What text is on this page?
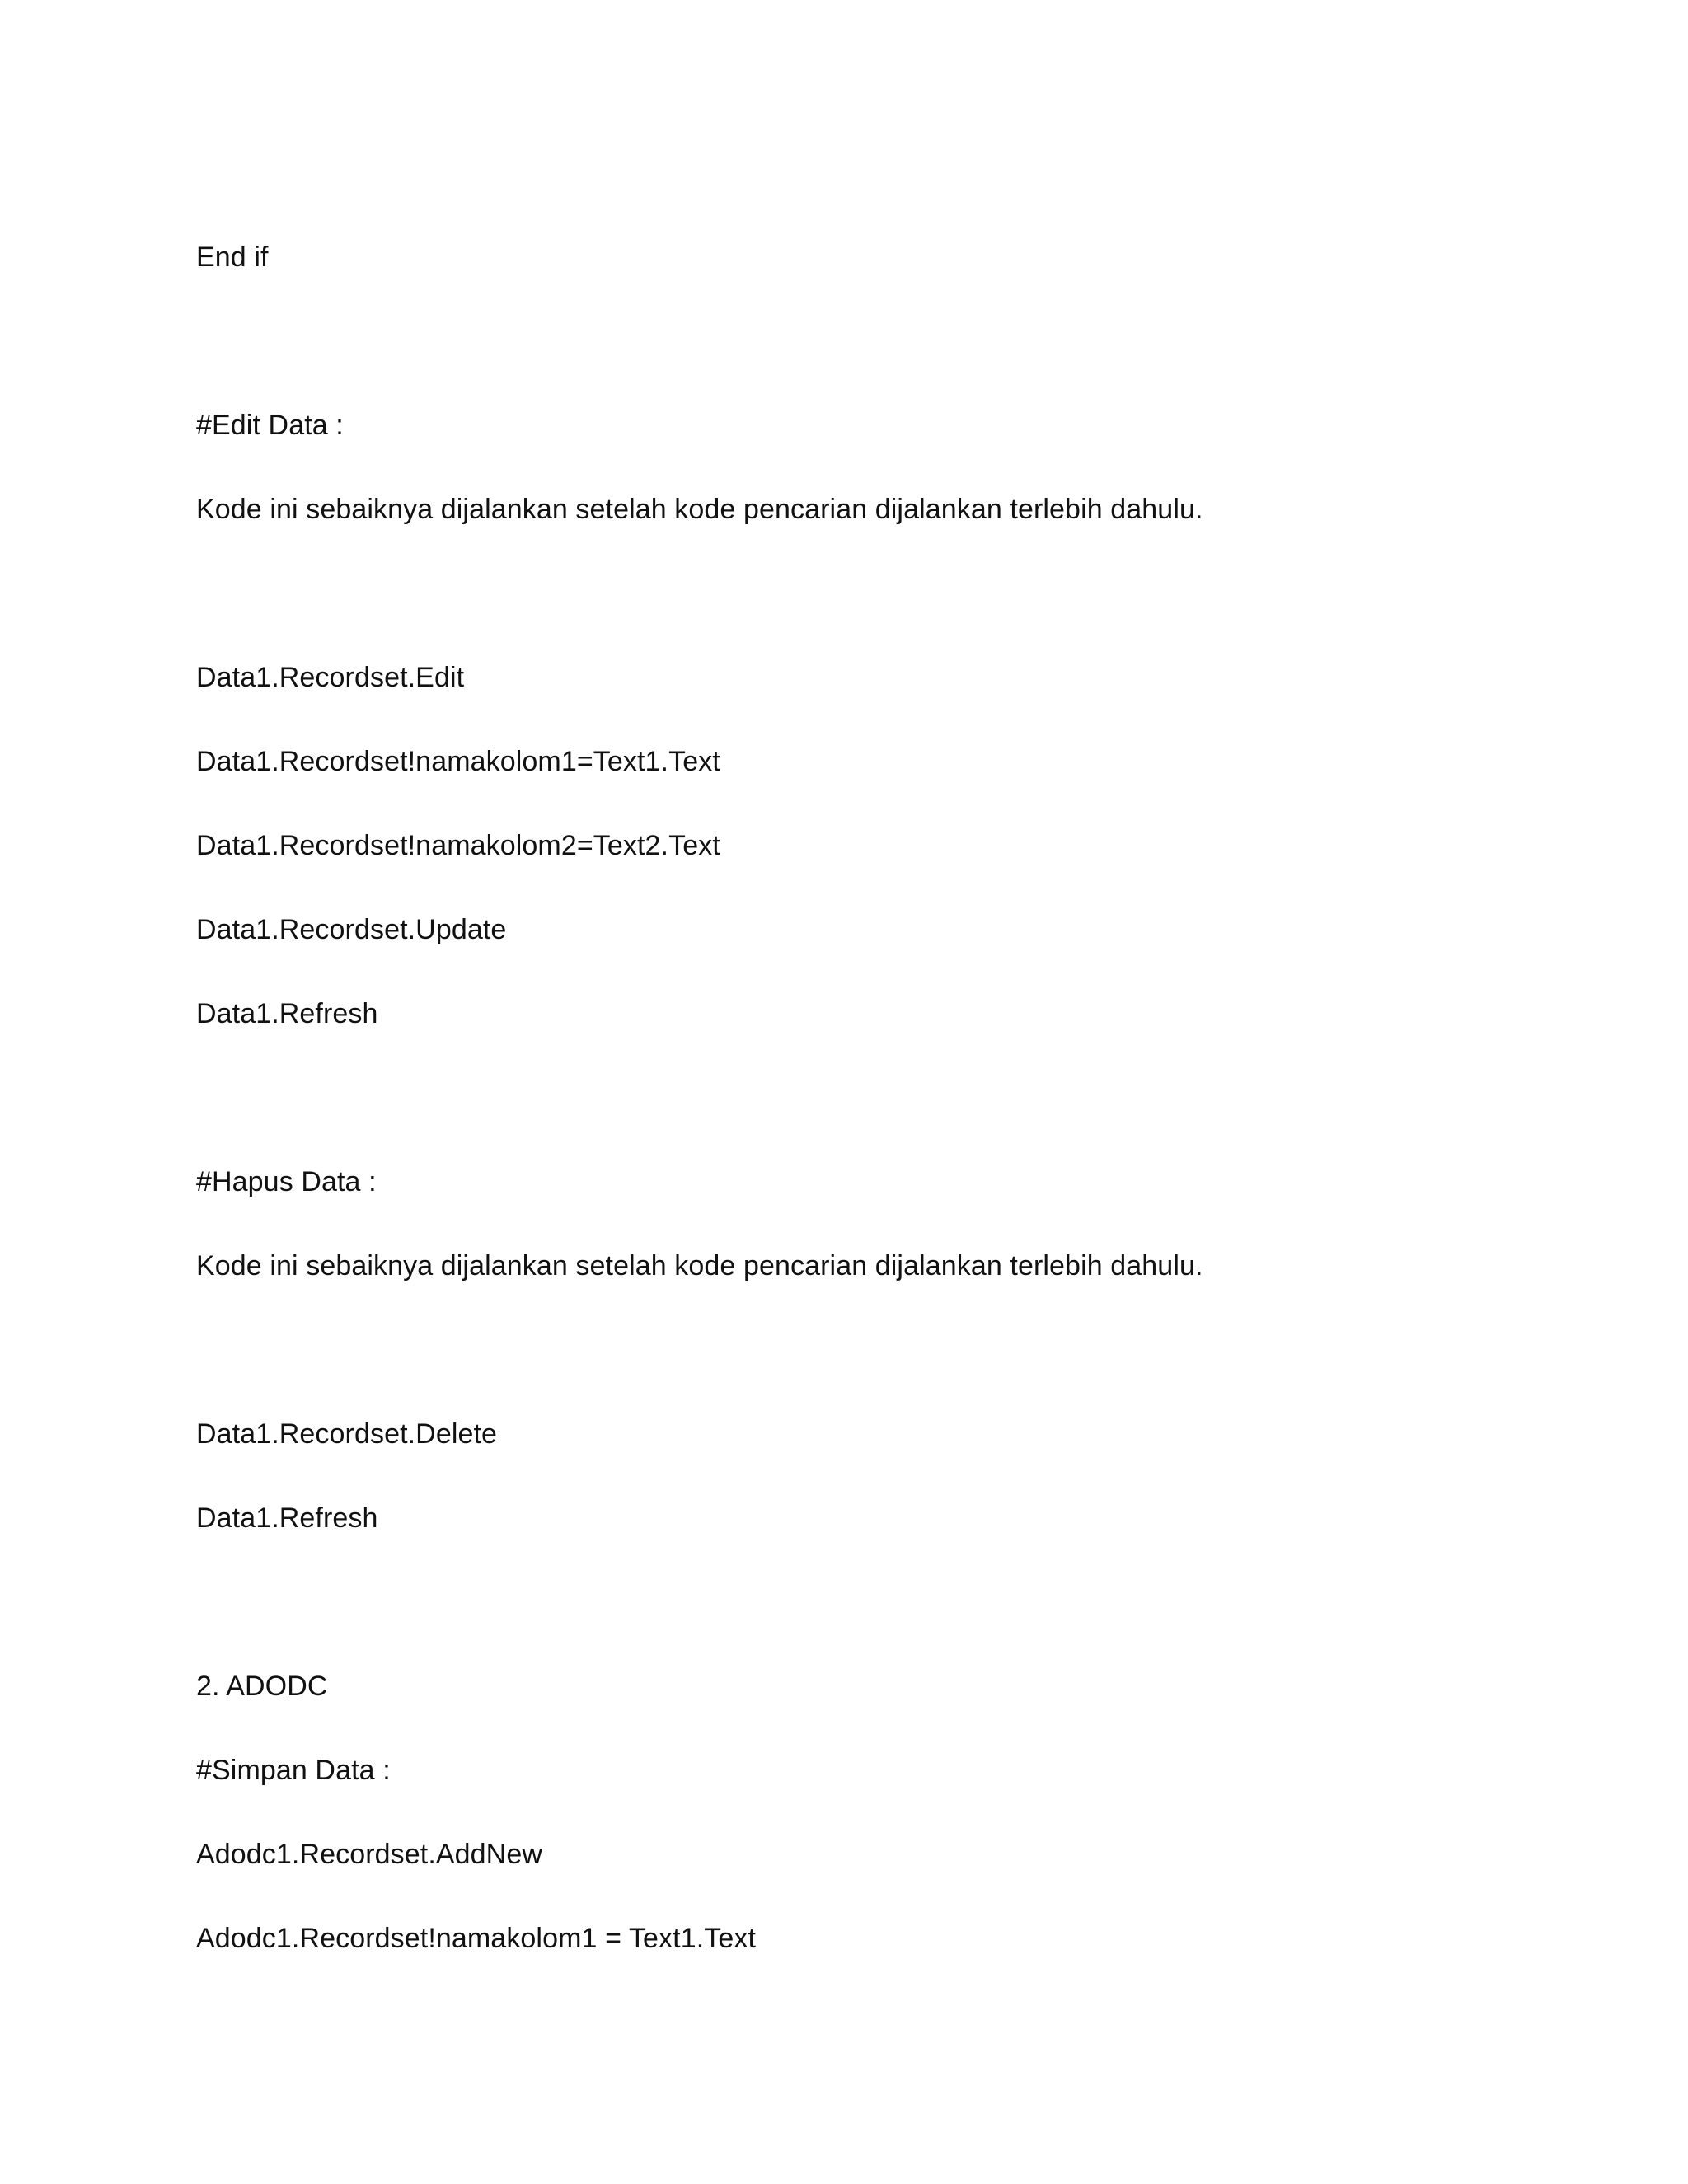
End if
#Edit Data :
Kode ini sebaiknya dijalankan setelah kode pencarian dijalankan terlebih dahulu.
Data1.Recordset.Edit
Data1.Recordset!namakolom1=Text1.Text
Data1.Recordset!namakolom2=Text2.Text
Data1.Recordset.Update
Data1.Refresh
#Hapus Data :
Kode ini sebaiknya dijalankan setelah kode pencarian dijalankan terlebih dahulu.
Data1.Recordset.Delete
Data1.Refresh
2. ADODC
#Simpan Data :
Adodc1.Recordset.AddNew
Adodc1.Recordset!namakolom1 = Text1.Text
